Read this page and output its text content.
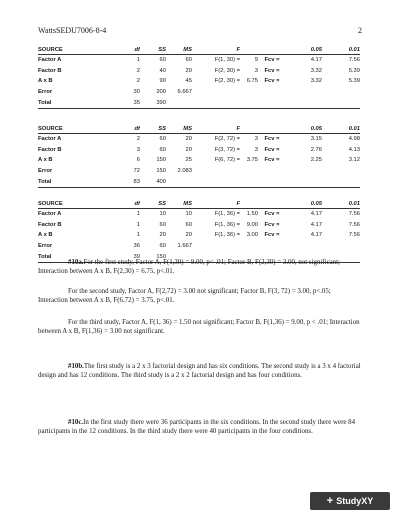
WattsSEDU7006-8-4	2
SOURCE	df	SS	MS	F			0.05	0.01
Factor A	1	60	60	F(1, 30) =	9	Fcv =	4.17	7.56
Factor B	2	40	20	F(2, 30) =	3	Fcv =	3.32	5.39
A x B	2	90	45	F(2, 30) =	6.75	Fcv =	3.32	5.39
Error	30	200	6.667					
Total	35	390						
SOURCE	df	SS	MS	F			0.05	0.01
Factor A	2	60	20	F(2, 72) =	3	Fcv =	3.15	4.98
Factor B	3	60	20	F(3, 72) =	3	Fcv =	2.76	4.13
A x B	6	150	25	F(6, 72) =	3.75	Fcv =	2.25	3.12
Error	72	150	2.083					
Total	83	400						
SOURCE	df	SS	MS	F			0.05	0.01
Factor A	1	10	10	F(1, 36) =	1.50	Fcv =	4.17	7.56
Factor B	1	60	60	F(1, 36) =	9.00	Fcv =	4.17	7.56
A x B	1	20	20	F(1, 36) =	3.00	Fcv =	4.17	7.56
Error	36	60	1.667					
Total	39	150						

#10a.For the first study, Factor A, F(1,30) = 9.00, p< .01; Factor B, F(2,30) = 3.00, not significant; Interaction between A x B, F(2,30) = 6.75, p<.01.

For the second study, Factor A, F(2,72) = 3.00 not significant; Factor B, F(3, 72) = 3.00, p<.05; Interaction between A x B, F(6.72) = 3.75, p<.01.

For the third study, Factor A, F(1, 36) = 1.50 not significant; Factor B, F(1,36) = 9.00, p < .01; Interaction between A x B, F(1,36) = 3.00 not significant.

#10b.The first study is a 2 x 3 factorial design and has six conditions. The second study is a 3 x 4 factorial design and has 12 conditions. The third study is a 2 x 2 factorial design and has four conditions.

#10c.In the first study there were 36 participants in the six conditions. In the second study there were 84 participants in the 12 conditions. In the third study there were 40 participants in the four conditions.

+ StudyXY
